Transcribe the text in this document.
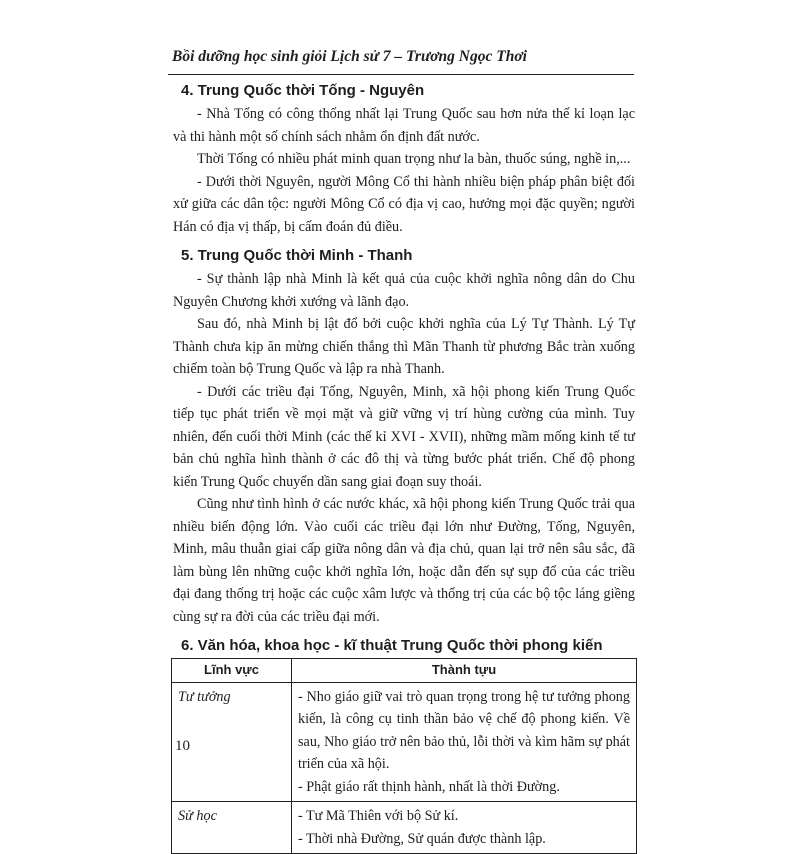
Bồi dưỡng học sinh giỏi Lịch sử 7 – Trương Ngọc Thơi
4. Trung Quốc thời Tống - Nguyên

- Nhà Tống có công thống nhất lại Trung Quốc sau hơn nửa thế kỉ loạn lạc và thi hành một số chính sách nhằm ổn định đất nước.

Thời Tống có nhiều phát minh quan trọng như la bàn, thuốc súng, nghề in,...

- Dưới thời Nguyên, người Mông Cổ thi hành nhiều biện pháp phân biệt đối xử giữa các dân tộc: người Mông Cổ có địa vị cao, hưởng mọi đặc quyền; người Hán có địa vị thấp, bị cấm đoán đủ điều.

5. Trung Quốc thời Minh - Thanh

- Sự thành lập nhà Minh là kết quả của cuộc khởi nghĩa nông dân do Chu Nguyên Chương khởi xướng và lãnh đạo.

Sau đó, nhà Minh bị lật đổ bởi cuộc khởi nghĩa của Lý Tự Thành. Lý Tự Thành chưa kịp ăn mừng chiến thắng thì Mãn Thanh từ phương Bắc tràn xuống chiếm toàn bộ Trung Quốc và lập ra nhà Thanh.

- Dưới các triều đại Tống, Nguyên, Minh, xã hội phong kiến Trung Quốc tiếp tục phát triển về mọi mặt và giữ vững vị trí hùng cường của mình. Tuy nhiên, đến cuối thời Minh (các thế kỉ XVI - XVII), những mầm mống kinh tế tư bản chủ nghĩa hình thành ở các đô thị và từng bước phát triển. Chế độ phong kiến Trung Quốc chuyển dần sang giai đoạn suy thoái.

Cũng như tình hình ở các nước khác, xã hội phong kiến Trung Quốc trải qua nhiều biến động lớn. Vào cuối các triều đại lớn như Đường, Tống, Nguyên, Minh, mâu thuẫn giai cấp giữa nông dân và địa chủ, quan lại trở nên sâu sắc, đã làm bùng lên những cuộc khởi nghĩa lớn, hoặc dẫn đến sự sụp đổ của các triều đại đang thống trị hoặc các cuộc xâm lược và thống trị của các bộ tộc láng giềng cùng sự ra đời của các triều đại mới.

6. Văn hóa, khoa học - kĩ thuật Trung Quốc thời phong kiến
Lĩnh vực	Thành tựu
Tư tưởng	- Nho giáo giữ vai trò quan trọng trong hệ tư tưởng phong kiến, là công cụ tinh thần bảo vệ chế độ phong kiến. Về sau, Nho giáo trở nên bảo thủ, lỗi thời và kìm hãm sự phát triển của xã hội.

- Phật giáo rất thịnh hành, nhất là thời Đường.

Sử học	- Tư Mã Thiên với bộ Sử kí.

- Thời nhà Đường, Sử quán được thành lập.

10
